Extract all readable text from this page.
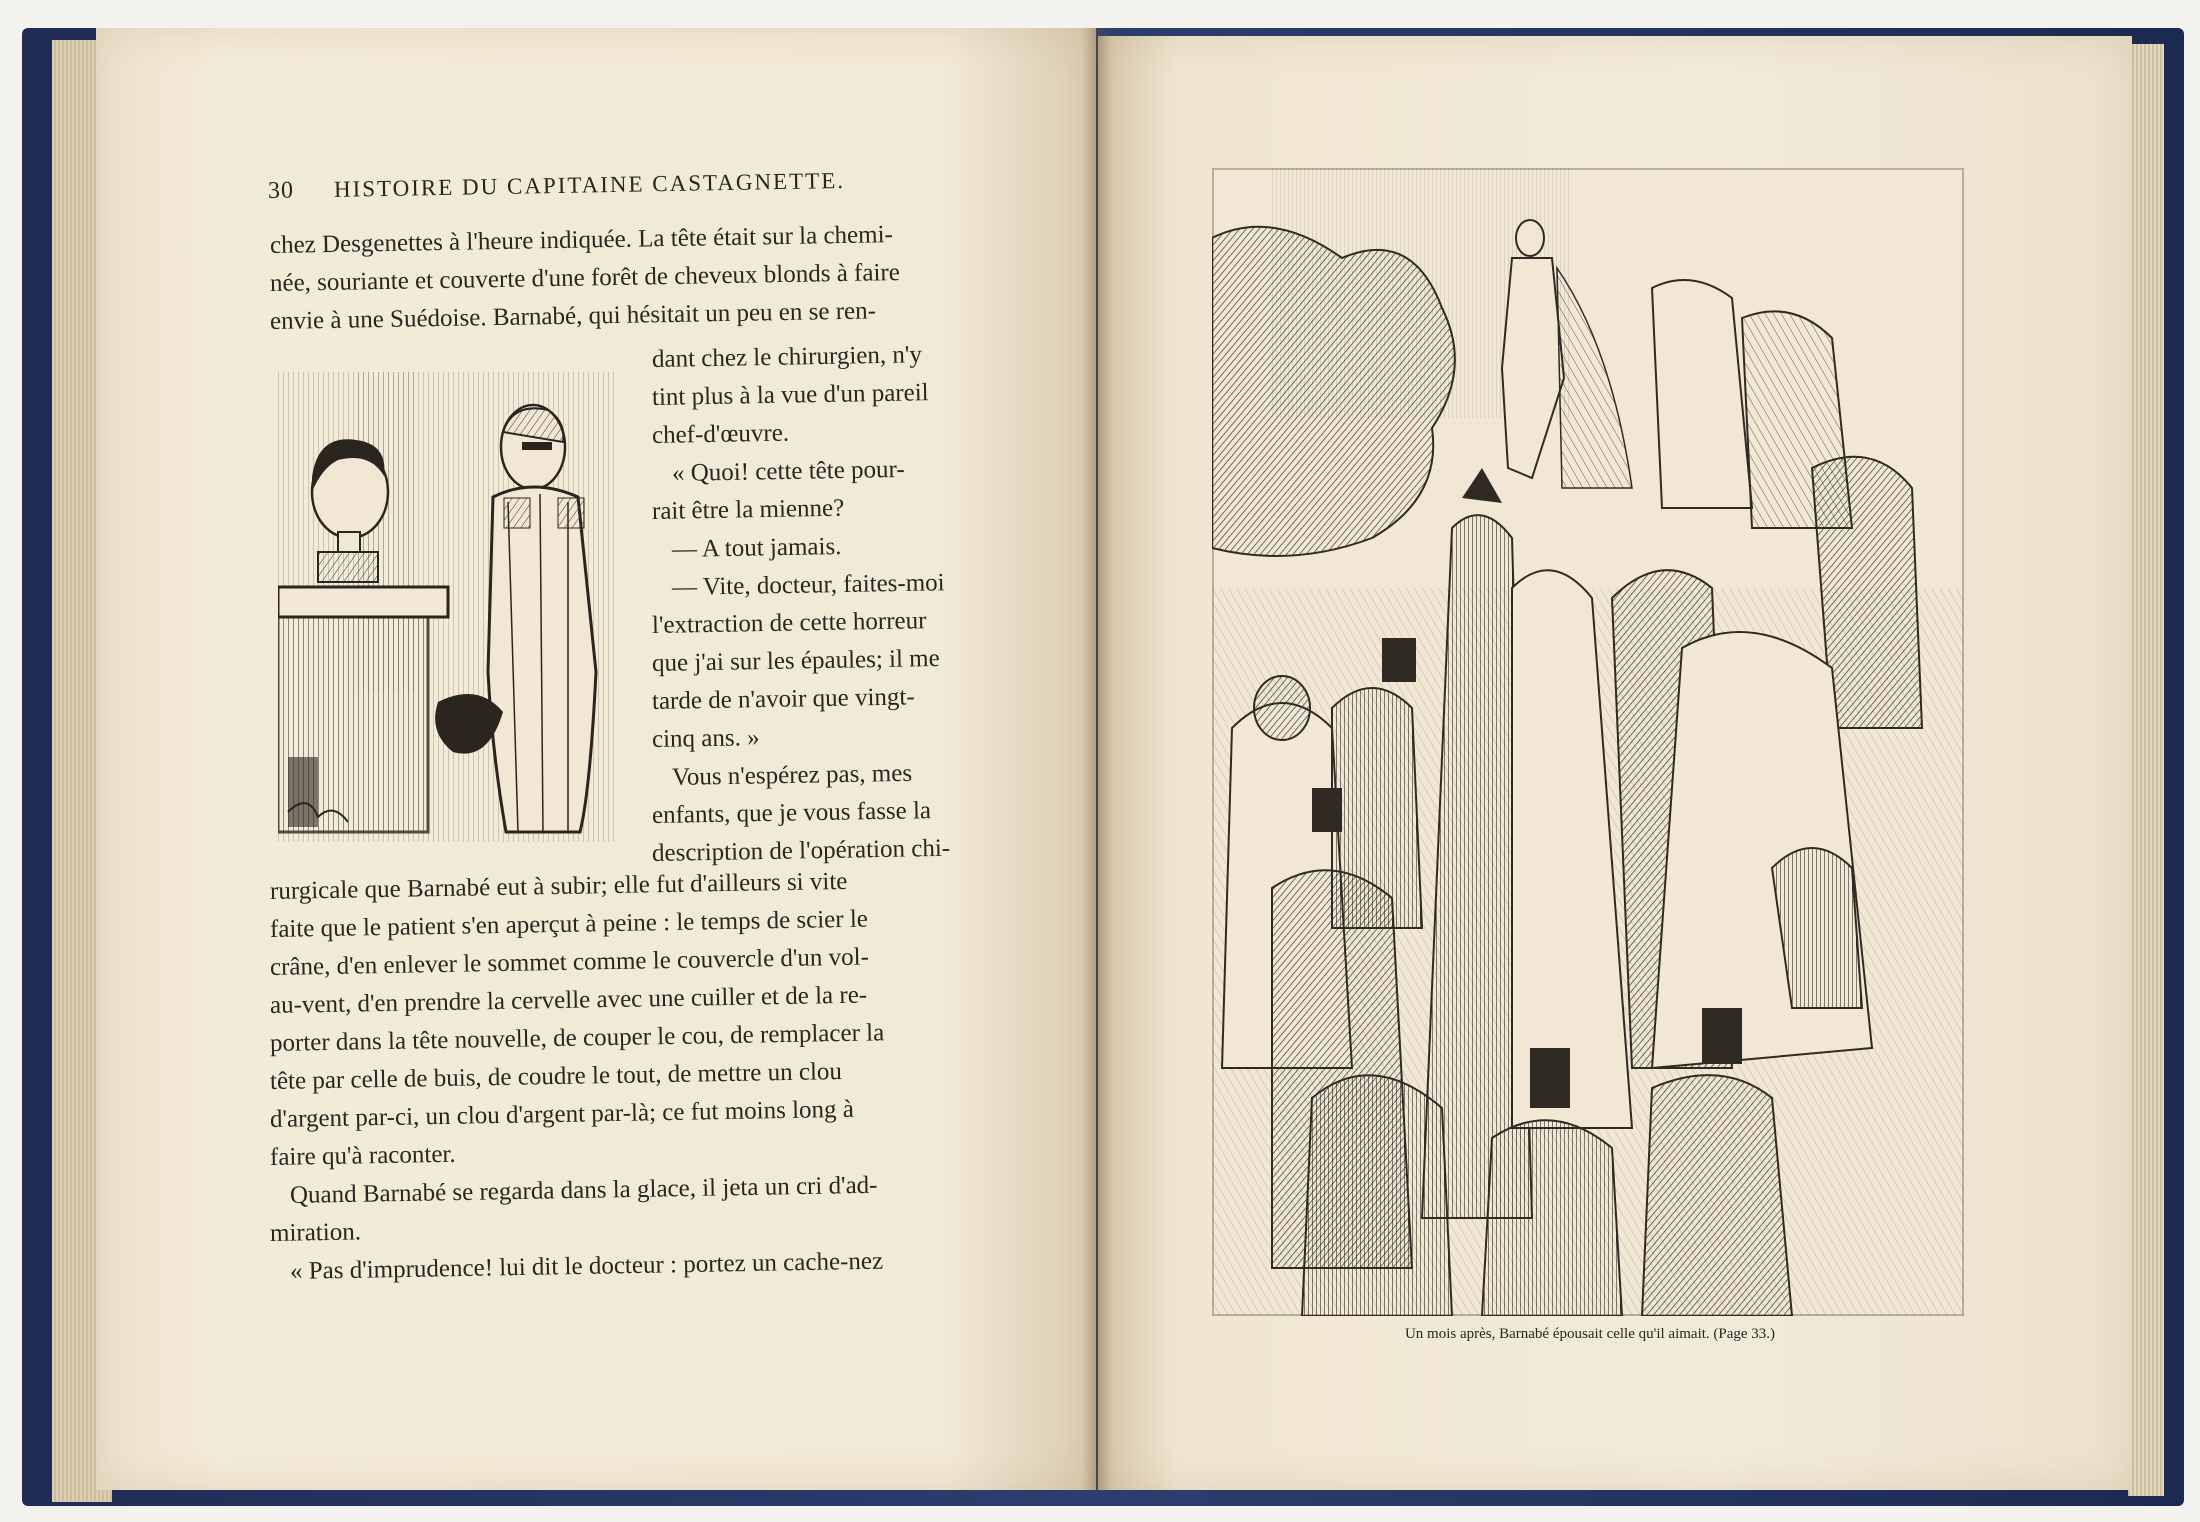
30 HISTOIRE DU CAPITAINE CASTAGNETTE.
chez Desgenettes à l'heure indiquée. La tête était sur la chemi-
née, souriante et couverte d'une forêt de cheveux blonds à faire
envie à une Suédoise. Barnabé, qui hésitait un peu en se ren-
dant chez le chirurgien, n'y
tint plus à la vue d'un pareil
chef-d'œuvre.
« Quoi! cette tête pour-
rait être la mienne?
— A tout jamais.
— Vite, docteur, faites-moi
l'extraction de cette horreur
que j'ai sur les épaules; il me
tarde de n'avoir que vingt-
cinq ans. »
Vous n'espérez pas, mes
enfants, que je vous fasse la
description de l'opération chi-
rurgicale que Barnabé eut à subir; elle fut d'ailleurs si vite
faite que le patient s'en aperçut à peine : le temps de scier le
crâne, d'en enlever le sommet comme le couvercle d'un vol-
au-vent, d'en prendre la cervelle avec une cuiller et de la re-
porter dans la tête nouvelle, de couper le cou, de remplacer la
tête par celle de buis, de coudre le tout, de mettre un clou
d'argent par-ci, un clou d'argent par-là; ce fut moins long à
faire qu'à raconter.
Quand Barnabé se regarda dans la glace, il jeta un cri d'ad-
miration.
« Pas d'imprudence! lui dit le docteur : portez un cache-nez
Un mois après, Barnabé épousait celle qu'il aimait. (Page 33.)
